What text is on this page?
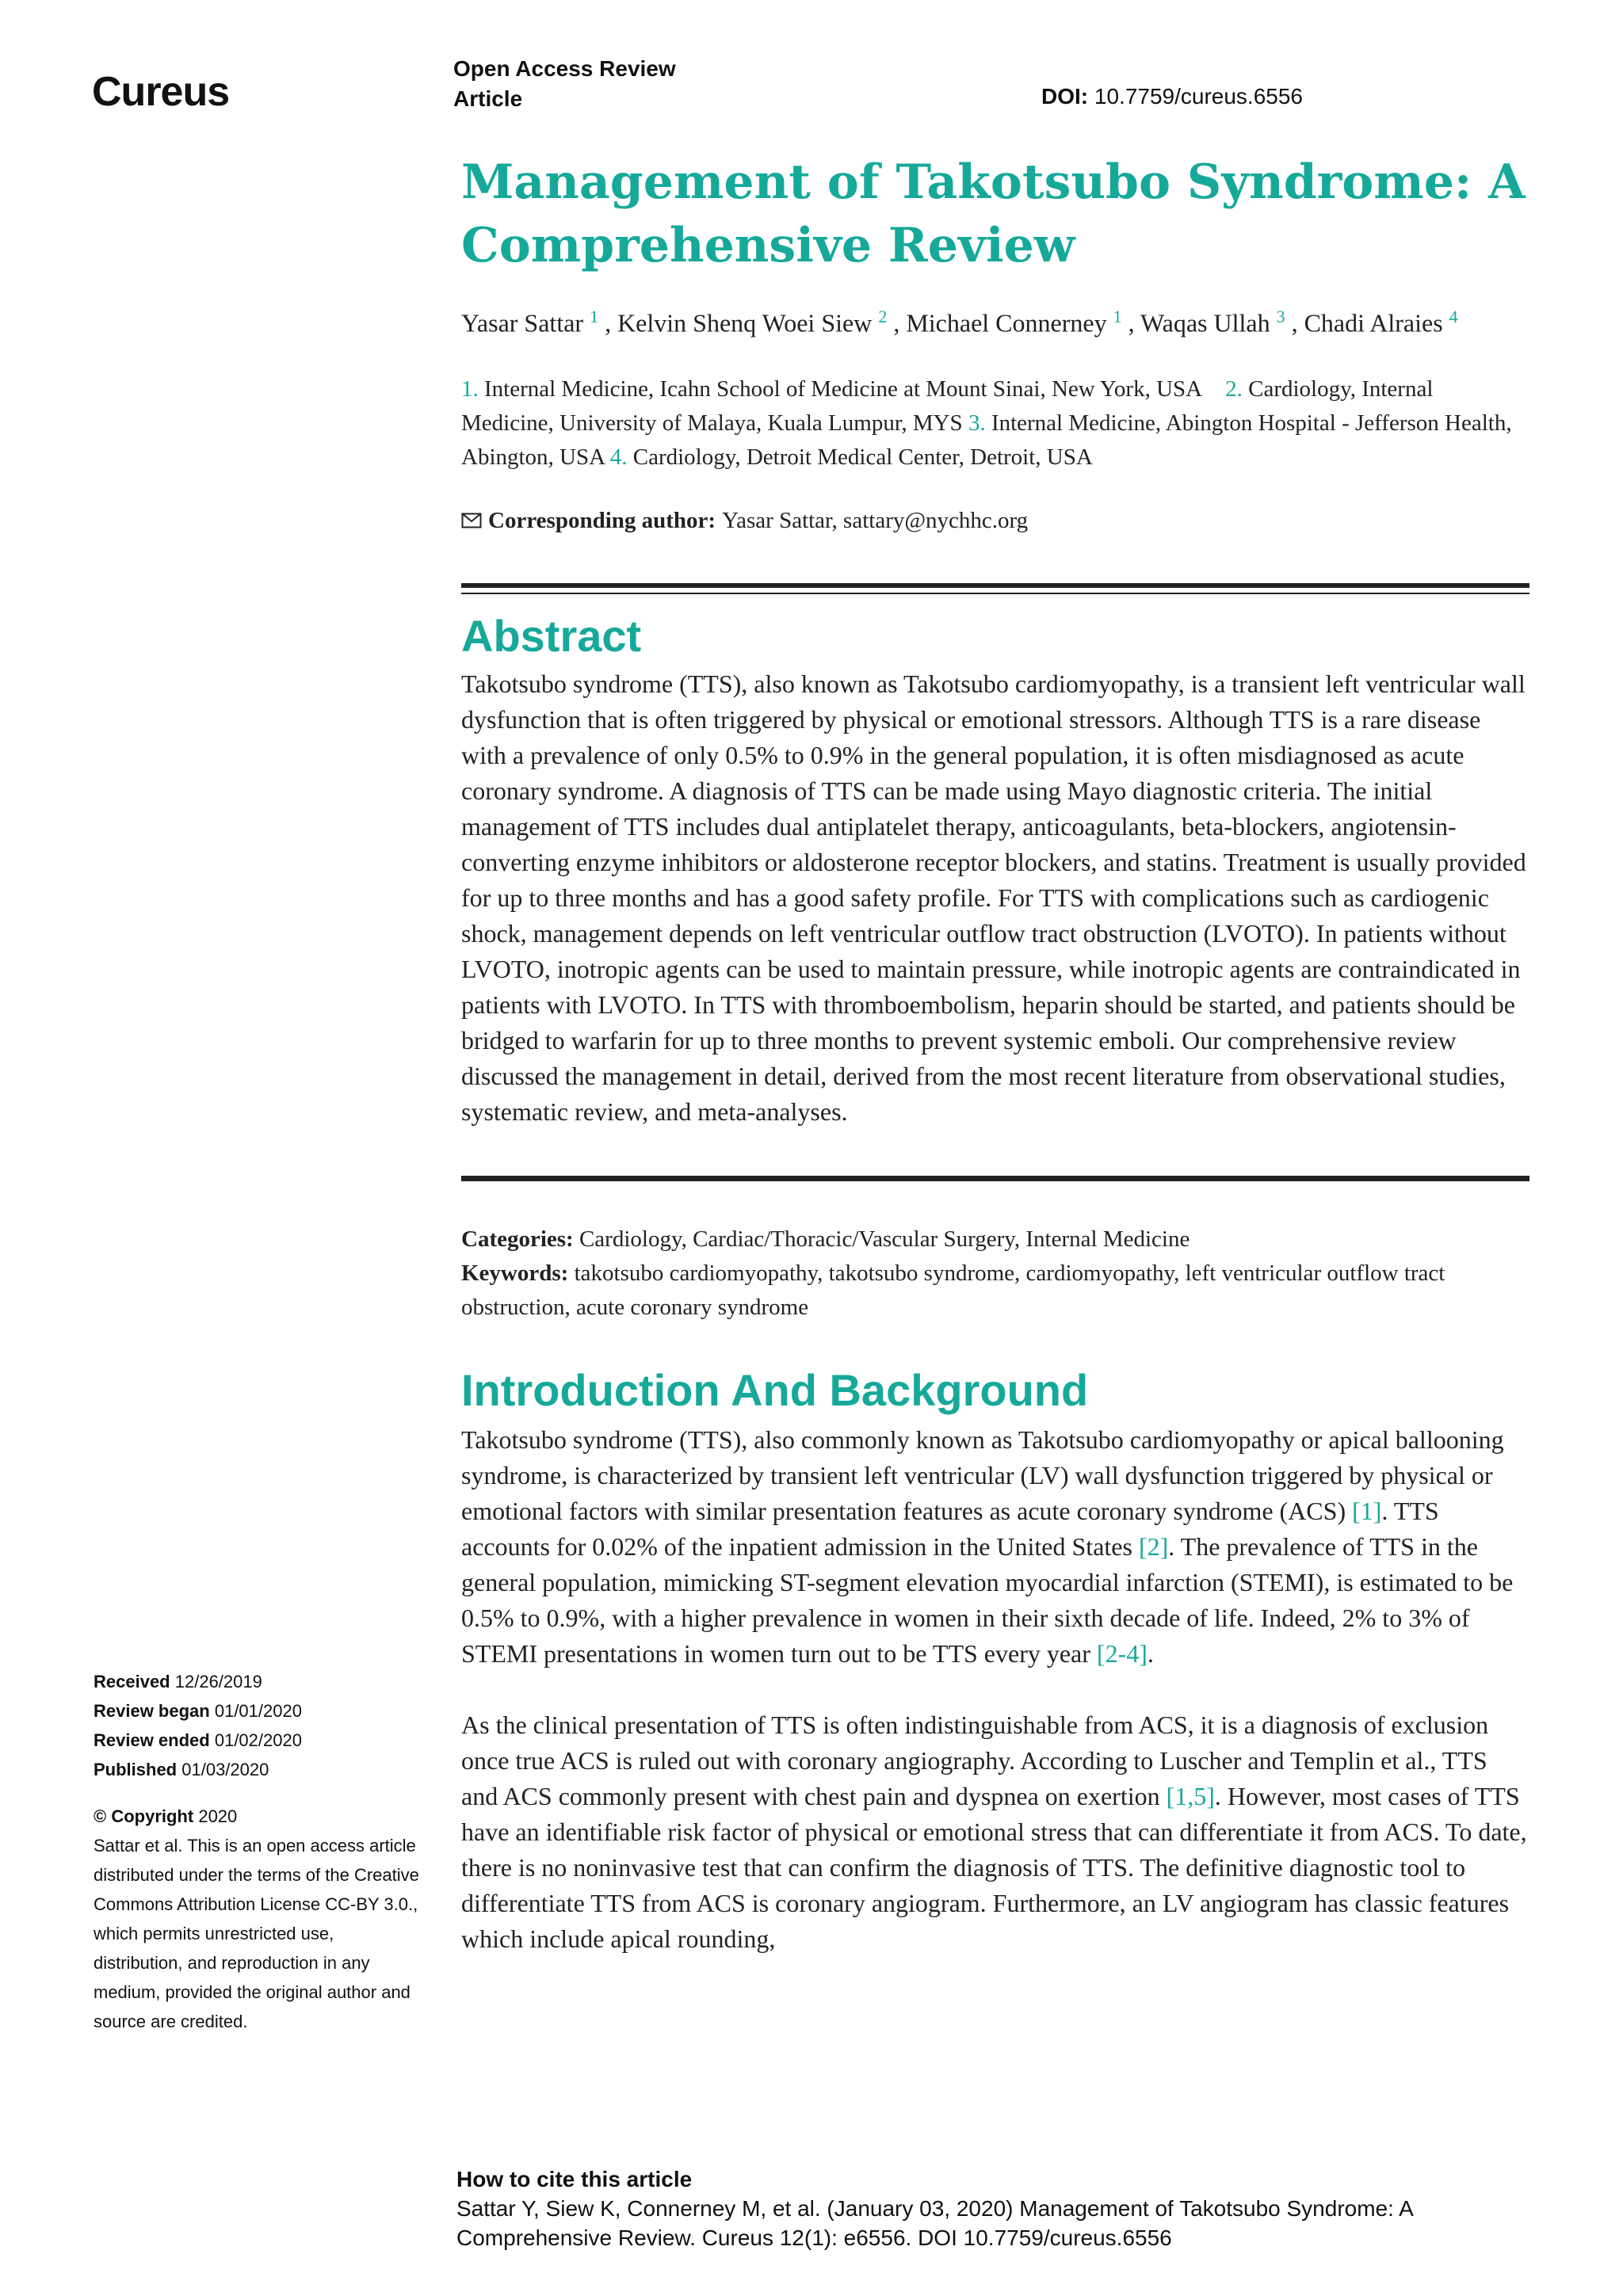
Cureus
Open Access Review
Article	DOI: 10.7759/cureus.6556
Management of Takotsubo Syndrome: A Comprehensive Review
Yasar Sattar $^1$ , Kelvin Shenq Woei Siew $^2$ , Michael Connerney $^1$ , Waqas Ullah $^3$ , Chadi Alraies $^4$
1. Internal Medicine, Icahn School of Medicine at Mount Sinai, New York, USA 2. Cardiology, Internal Medicine, University of Malaya, Kuala Lumpur, MYS 3. Internal Medicine, Abington Hospital - Jefferson Health, Abington, USA 4. Cardiology, Detroit Medical Center, Detroit, USA
Corresponding author: Yasar Sattar, sattary@nychhc.org
Abstract

Takotsubo syndrome (TTS), also known as Takotsubo cardiomyopathy, is a transient left ventricular wall dysfunction that is often triggered by physical or emotional stressors. Although TTS is a rare disease with a prevalence of only 0.5% to 0.9% in the general population, it is often misdiagnosed as acute coronary syndrome. A diagnosis of TTS can be made using Mayo diagnostic criteria. The initial management of TTS includes dual antiplatelet therapy, anticoagulants, beta-blockers, angiotensin-converting enzyme inhibitors or aldosterone receptor blockers, and statins. Treatment is usually provided for up to three months and has a good safety profile. For TTS with complications such as cardiogenic shock, management depends on left ventricular outflow tract obstruction (LVOTO). In patients without LVOTO, inotropic agents can be used to maintain pressure, while inotropic agents are contraindicated in patients with LVOTO. In TTS with thromboembolism, heparin should be started, and patients should be bridged to warfarin for up to three months to prevent systemic emboli. Our comprehensive review discussed the management in detail, derived from the most recent literature from observational studies, systematic review, and meta-analyses.

Categories: Cardiology, Cardiac/Thoracic/Vascular Surgery, Internal Medicine
Keywords: takotsubo cardiomyopathy, takotsubo syndrome, cardiomyopathy, left ventricular outflow tract obstruction, acute coronary syndrome
Introduction And Background

Takotsubo syndrome (TTS), also commonly known as Takotsubo cardiomyopathy or apical ballooning syndrome, is characterized by transient left ventricular (LV) wall dysfunction triggered by physical or emotional factors with similar presentation features as acute coronary syndrome (ACS) [1]. TTS accounts for 0.02% of the inpatient admission in the United States [2]. The prevalence of TTS in the general population, mimicking ST-segment elevation myocardial infarction (STEMI), is estimated to be 0.5% to 0.9%, with a higher prevalence in women in their sixth decade of life. Indeed, 2% to 3% of STEMI presentations in women turn out to be TTS every year [2-4].

As the clinical presentation of TTS is often indistinguishable from ACS, it is a diagnosis of exclusion once true ACS is ruled out with coronary angiography. According to Luscher and Templin et al., TTS and ACS commonly present with chest pain and dyspnea on exertion [1,5]. However, most cases of TTS have an identifiable risk factor of physical or emotional stress that can differentiate it from ACS. To date, there is no noninvasive test that can confirm the diagnosis of TTS. The definitive diagnostic tool to differentiate TTS from ACS is coronary angiogram. Furthermore, an LV angiogram has classic features which include apical rounding,

Received 12/26/2019
Review began 01/01/2020
Review ended 01/02/2020
Published 01/03/2020
© Copyright 2020
Sattar et al. This is an open access article distributed under the terms of the Creative Commons Attribution License CC-BY 3.0., which permits unrestricted use, distribution, and reproduction in any medium, provided the original author and source are credited.
How to cite this article
Sattar Y, Siew K, Connerney M, et al. (January 03, 2020) Management of Takotsubo Syndrome: A Comprehensive Review. Cureus 12(1): e6556. DOI 10.7759/cureus.6556
